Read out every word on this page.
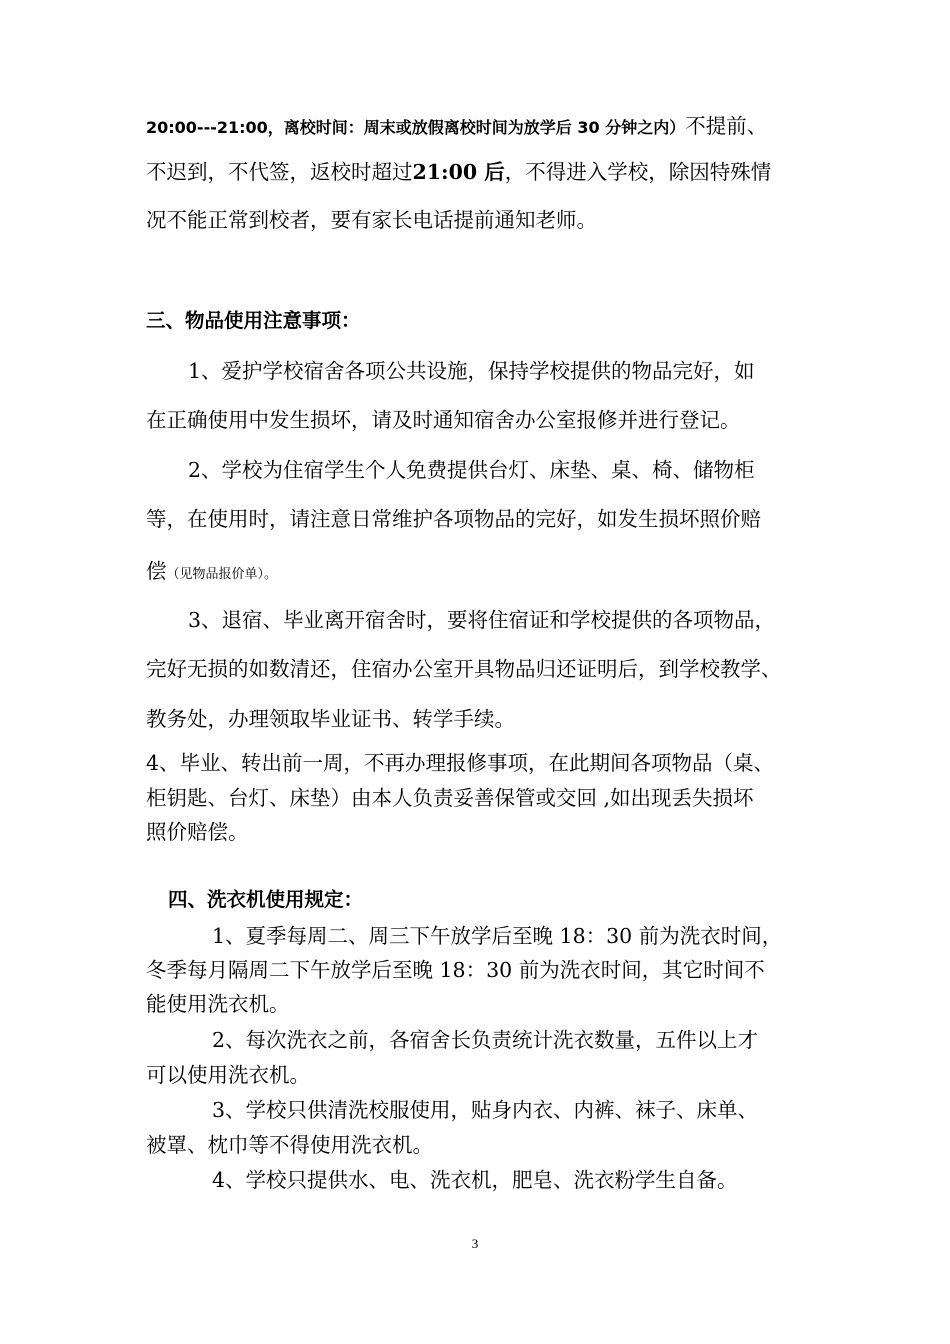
20:00---21:00，离校时间：周末或放假离校时间为放学后 30 分钟之内）不提前、
不迟到，不代签，返校时超过21:00 后，不得进入学校，除因特殊情
况不能正常到校者，要有家长电话提前通知老师。
三、物品使用注意事项：
1、爱护学校宿舍各项公共设施，保持学校提供的物品完好，如
在正确使用中发生损坏，请及时通知宿舍办公室报修并进行登记。
2、学校为住宿学生个人免费提供台灯、床垫、桌、椅、储物柜
等，在使用时，请注意日常维护各项物品的完好，如发生损坏照价赔
偿（见物品报价单）。
3、退宿、毕业离开宿舍时，要将住宿证和学校提供的各项物品，
完好无损的如数清还，住宿办公室开具物品归还证明后，到学校教学、
教务处，办理领取毕业证书、转学手续。
4、毕业、转出前一周，不再办理报修事项，在此期间各项物品（桌、
柜钥匙、台灯、床垫）由本人负责妥善保管或交回 ,如出现丢失损坏
照价赔偿。
四、洗衣机使用规定：
1、夏季每周二、周三下午放学后至晚 18：30 前为洗衣时间，
冬季每月隔周二下午放学后至晚 18：30 前为洗衣时间，其它时间不
能使用洗衣机。
2、每次洗衣之前，各宿舍长负责统计洗衣数量，五件以上才
可以使用洗衣机。
3、学校只供清洗校服使用，贴身内衣、内裤、袜子、床单、
被罩、枕巾等不得使用洗衣机。
4、学校只提供水、电、洗衣机，肥皂、洗衣粉学生自备。
3
